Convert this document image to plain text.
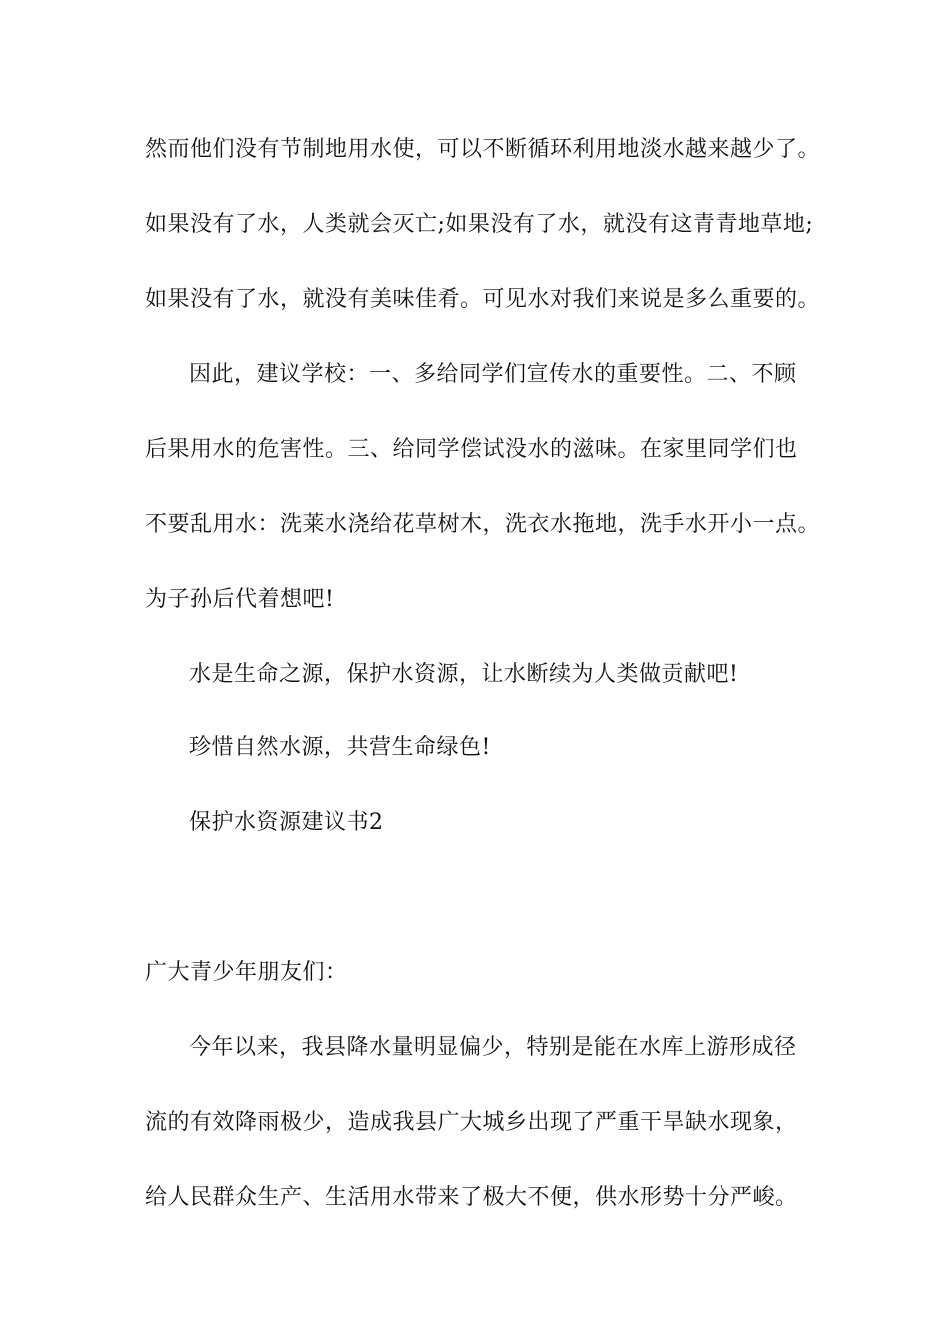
然而他们没有节制地用水使，可以不断循环利用地淡水越来越少了。
如果没有了水，人类就会灭亡;如果没有了水，就没有这青青地草地;
如果没有了水，就没有美味佳肴。可见水对我们来说是多么重要的。
因此，建议学校：一、多给同学们宣传水的重要性。二、不顾
后果用水的危害性。三、给同学偿试没水的滋味。在家里同学们也
不要乱用水：洗莱水浇给花草树木，洗衣水拖地，洗手水开小一点。
为子孙后代着想吧!
水是生命之源，保护水资源，让水断续为人类做贡献吧!
珍惜自然水源，共营生命绿色!
保护水资源建议书2
广大青少年朋友们：
今年以来，我县降水量明显偏少，特别是能在水库上游形成径
流的有效降雨极少，造成我县广大城乡出现了严重干旱缺水现象，
给人民群众生产、生活用水带来了极大不便，供水形势十分严峻。
